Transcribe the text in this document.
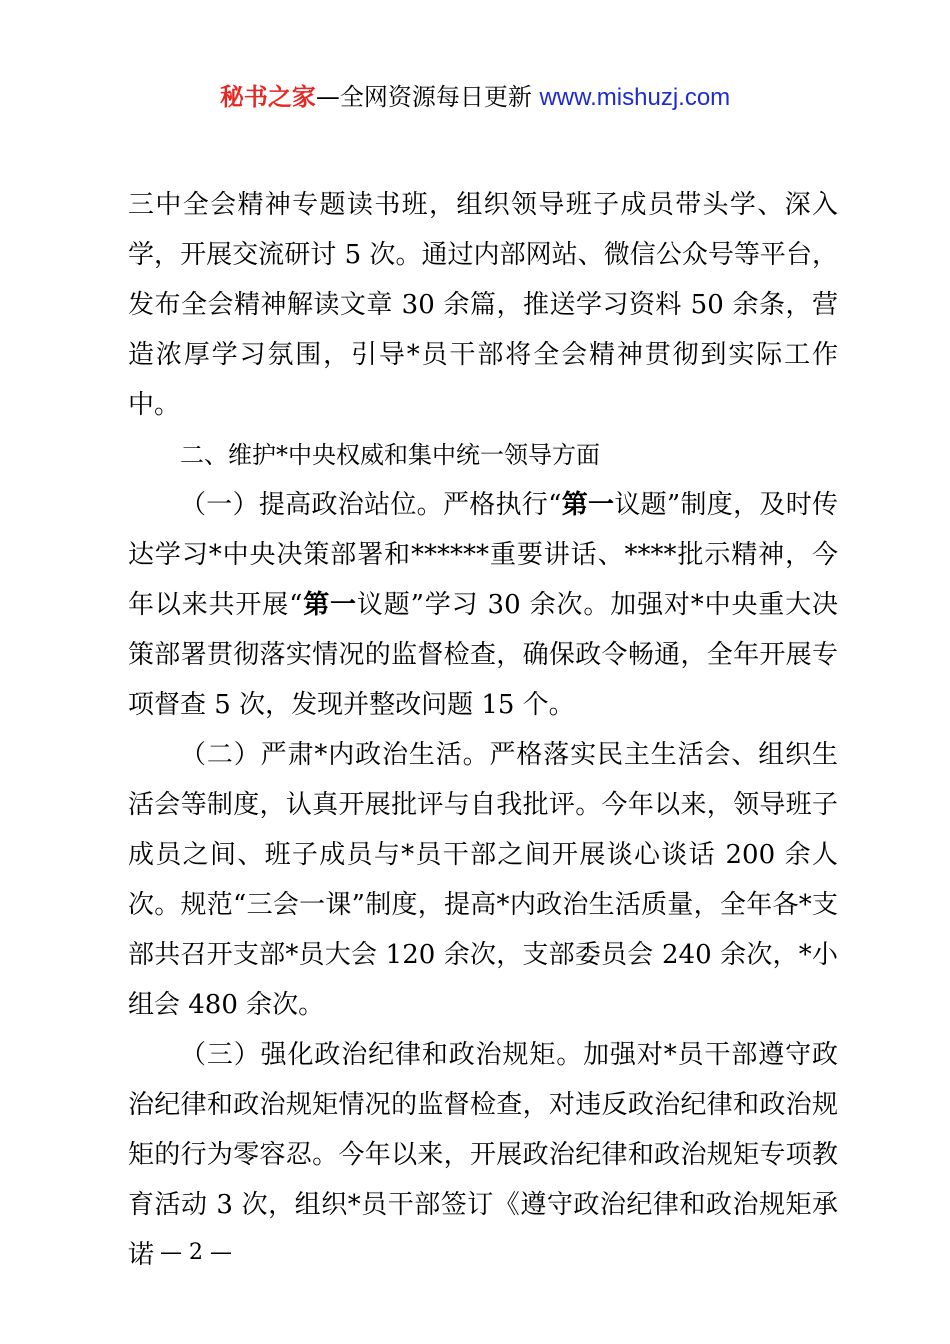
秘书之家—全网资源每日更新 www.mishuzj.com

三中全会精神专题读书班，组织领导班子成员带头学、深入学，开展交流研讨 5 次。通过内部网站、微信公众号等平台，发布全会精神解读文章 30 余篇，推送学习资料 50 余条，营造浓厚学习氛围，引导*员干部将全会精神贯彻到实际工作中。

二、维护*中央权威和集中统一领导方面

（一）提高政治站位。严格执行“第一议题”制度，及时传达学习*中央决策部署和******重要讲话、****批示精神，今年以来共开展“第一议题”学习 30 余次。加强对*中央重大决策部署贯彻落实情况的监督检查，确保政令畅通，全年开展专项督查 5 次，发现并整改问题 15 个。

（二）严肃*内政治生活。严格落实民主生活会、组织生活会等制度，认真开展批评与自我批评。今年以来，领导班子成员之间、班子成员与*员干部之间开展谈心谈话 200 余人次。规范“三会一课”制度，提高*内政治生活质量，全年各*支部共召开支部*员大会 120 余次，支部委员会 240 余次，*小组会 480 余次。

（三）强化政治纪律和政治规矩。加强对*员干部遵守政治纪律和政治规矩情况的监督检查，对违反政治纪律和政治规矩的行为零容忍。今年以来，开展政治纪律和政治规矩专项教育活动 3 次，组织*员干部签订《遵守政治纪律和政治规矩承诺 — 2 —
